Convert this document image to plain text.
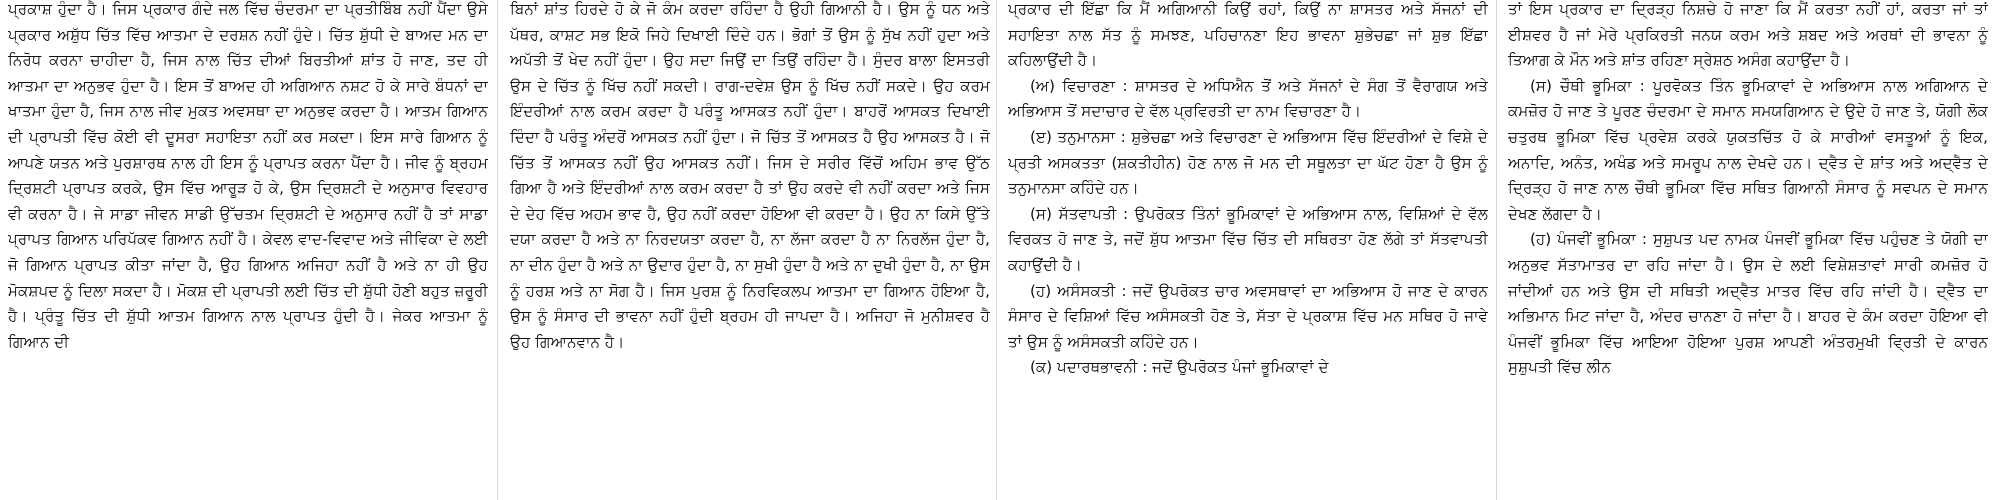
ਪ੍ਰਕਾਸ਼ ਹੁੰਦਾ ਹੈ। ਜਿਸ ਪ੍ਰਕਾਰ ਗੰਦੇ ਜਲ ਵਿੱਚ ਚੰਦਰਮਾ ਦਾ ਪ੍ਰਤੀਬਿੰਬ ਨਹੀਂ ਪੈਂਦਾ ਉਸੇ ਪ੍ਰਕਾਰ ਅਸ਼ੁੱਧ ਚਿੱਤ ਵਿੱਚ ਆਤਮਾ ਦੇ ਦਰਸ਼ਨ ਨਹੀਂ ਹੁੰਦੇ। ਚਿੱਤ ਸ਼ੁੱਧੀ ਦੇ ਬਾਅਦ ਮਨ ਦਾ ਨਿਰੋਧ ਕਰਨਾ ਚਾਹੀਦਾ ਹੈ, ਜਿਸ ਨਾਲ ਚਿੱਤ ਦੀਆਂ ਬਿਰਤੀਆਂ ਸ਼ਾਂਤ ਹੋ ਜਾਣ, ਤਦ ਹੀ ਆਤਮਾ ਦਾ ਅਨੁਭਵ ਹੁੰਦਾ ਹੈ। ਇਸ ਤੋਂ ਬਾਅਦ ਹੀ ਅਗਿਆਨ ਨਸ਼ਟ ਹੋ ਕੇ ਸਾਰੇ ਬੰਧਨਾਂ ਦਾ ਖਾਤਮਾ ਹੁੰਦਾ ਹੈ, ਜਿਸ ਨਾਲ ਜੀਵ ਮੁਕਤ ਅਵਸਥਾ ਦਾ ਅਨੁਭਵ ਕਰਦਾ ਹੈ। ਆਤਮ ਗਿਆਨ ਦੀ ਪ੍ਰਾਪਤੀ ਵਿੱਚ ਕੋਈ ਵੀ ਦੂਸਰਾ ਸਹਾਇਤਾ ਨਹੀਂ ਕਰ ਸਕਦਾ। ਇਸ ਸਾਰੇ ਗਿਆਨ ਨੂੰ ਆਪਣੇ ਯਤਨ ਅਤੇ ਪੁਰਸ਼ਾਰਥ ਨਾਲ ਹੀ ਇਸ ਨੂੰ ਪ੍ਰਾਪਤ ਕਰਨਾ ਪੈਂਦਾ ਹੈ। ਜੀਵ ਨੂੰ ਬ੍ਰਹਮ ਦ੍ਰਿਸ਼ਟੀ ਪ੍ਰਾਪਤ ਕਰਕੇ, ਉਸ ਵਿੱਚ ਆਰੂੜ ਹੋ ਕੇ, ਉਸ ਦ੍ਰਿਸ਼ਟੀ ਦੇ ਅਨੁਸਾਰ ਵਿਵਹਾਰ ਵੀ ਕਰਨਾ ਹੈ। ਜੇ ਸਾਡਾ ਜੀਵਨ ਸਾਡੀ ਉੱਚਤਮ ਦ੍ਰਿਸ਼ਟੀ ਦੇ ਅਨੁਸਾਰ ਨਹੀਂ ਹੈ ਤਾਂ ਸਾਡਾ ਪ੍ਰਾਪਤ ਗਿਆਨ ਪਰਿਪੱਕਵ ਗਿਆਨ ਨਹੀਂ ਹੈ। ਕੇਵਲ ਵਾਦ-ਵਿਵਾਦ ਅਤੇ ਜੀਵਿਕਾ ਦੇ ਲਈ ਜੋ ਗਿਆਨ ਪ੍ਰਾਪਤ ਕੀਤਾ ਜਾਂਦਾ ਹੈ, ਉਹ ਗਿਆਨ ਅਜਿਹਾ ਨਹੀਂ ਹੈ ਅਤੇ ਨਾ ਹੀ ਉਹ ਮੋਕਸ਼ਪਦ ਨੂੰ ਦਿਲਾ ਸਕਦਾ ਹੈ। ਮੋਕਸ਼ ਦੀ ਪ੍ਰਾਪਤੀ ਲਈ ਚਿੱਤ ਦੀ ਸ਼ੁੱਧੀ ਹੋਣੀ ਬਹੁਤ ਜ਼ਰੂਰੀ ਹੈ। ਪ੍ਰੰਤੂ ਚਿੱਤ ਦੀ ਸ਼ੁੱਧੀ ਆਤਮ ਗਿਆਨ ਨਾਲ ਪ੍ਰਾਪਤ ਹੁੰਦੀ ਹੈ। ਜੇਕਰ ਆਤਮਾ ਨੂੰ ਗਿਆਨ ਦੀ

ਬਿਨਾਂ ਸ਼ਾਂਤ ਹਿਰਦੇ ਹੋ ਕੇ ਜੋ ਕੰਮ ਕਰਦਾ ਰਹਿੰਦਾ ਹੈ ਉਹੀ ਗਿਆਨੀ ਹੈ। ਉਸ ਨੂੰ ਧਨ ਅਤੇ ਪੱਥਰ, ਕਾਸ਼ਟ ਸਭ ਇਕੋ ਜਿਹੇ ਦਿਖਾਈ ਦਿੰਦੇ ਹਨ। ਭੋਗਾਂ ਤੋਂ ਉਸ ਨੂੰ ਸੁੱਖ ਨਹੀਂ ਹੁਦਾ ਅਤੇ ਅਪੱਤੀ ਤੋਂ ਖੇਦ ਨਹੀਂ ਹੁੰਦਾ। ਉਹ ਸਦਾ ਜਿਉਂ ਦਾ ਤਿਉਂ ਰਹਿੰਦਾ ਹੈ। ਸੁੰਦਰ ਬਾਲਾ ਇਸਤਰੀ ਉਸ ਦੇ ਚਿੱਤ ਨੂੰ ਖਿੱਚ ਨਹੀਂ ਸਕਦੀ। ਰਾਗ-ਦਵੇਸ਼ ਉਸ ਨੂੰ ਖਿੱਚ ਨਹੀਂ ਸਕਦੇ। ਉਹ ਕਰਮ ਇੰਦਰੀਆਂ ਨਾਲ ਕਰਮ ਕਰਦਾ ਹੈ ਪਰੰਤੂ ਆਸਕਤ ਨਹੀਂ ਹੁੰਦਾ। ਬਾਹਰੋਂ ਆਸਕਤ ਦਿਖਾਈ ਦਿੰਦਾ ਹੈ ਪਰੰਤੂ ਅੰਦਰੋਂ ਆਸਕਤ ਨਹੀਂ ਹੁੰਦਾ। ਜੋ ਚਿੱਤ ਤੋਂ ਆਸਕਤ ਹੈ ਉਹ ਆਸਕਤ ਹੈ। ਜੋ ਚਿੱਤ ਤੋਂ ਆਸਕਤ ਨਹੀਂ ਉਹ ਆਸਕਤ ਨਹੀਂ। ਜਿਸ ਦੇ ਸਰੀਰ ਵਿੱਚੋਂ ਅਹਿਮ ਭਾਵ ਉੱਠ ਗਿਆ ਹੈ ਅਤੇ ਇੰਦਰੀਆਂ ਨਾਲ ਕਰਮ ਕਰਦਾ ਹੈ ਤਾਂ ਉਹ ਕਰਦੇ ਵੀ ਨਹੀਂ ਕਰਦਾ ਅਤੇ ਜਿਸ ਦੇ ਦੇਹ ਵਿੱਚ ਅਹਮ ਭਾਵ ਹੈ, ਉਹ ਨਹੀਂ ਕਰਦਾ ਹੋਇਆ ਵੀ ਕਰਦਾ ਹੈ। ਉਹ ਨਾ ਕਿਸੇ ਉੱਤੇ ਦਯਾ ਕਰਦਾ ਹੈ ਅਤੇ ਨਾ ਨਿਰਦਯਤਾ ਕਰਦਾ ਹੈ, ਨਾ ਲੱਜਾ ਕਰਦਾ ਹੈ ਨਾ ਨਿਰਲੱਜ ਹੁੰਦਾ ਹੈ, ਨਾ ਦੀਨ ਹੁੰਦਾ ਹੈ ਅਤੇ ਨਾ ਉਦਾਰ ਹੁੰਦਾ ਹੈ, ਨਾ ਸੁਖੀ ਹੁੰਦਾ ਹੈ ਅਤੇ ਨਾ ਦੁਖੀ ਹੁੰਦਾ ਹੈ, ਨਾ ਉਸ ਨੂੰ ਹਰਸ਼ ਅਤੇ ਨਾ ਸੋਗ ਹੈ। ਜਿਸ ਪੁਰਸ਼ ਨੂੰ ਨਿਰਵਿਕਲਪ ਆਤਮਾ ਦਾ ਗਿਆਨ ਹੋਇਆ ਹੈ, ਉਸ ਨੂੰ ਸੰਸਾਰ ਦੀ ਭਾਵਨਾ ਨਹੀਂ ਹੁੰਦੀ ਬ੍ਰਹਮ ਹੀ ਜਾਪਦਾ ਹੈ। ਅਜਿਹਾ ਜੋ ਮੁਨੀਸ਼ਵਰ ਹੈ ਉਹ ਗਿਆਨਵਾਨ ਹੈ।

ਪ੍ਰਕਾਰ ਦੀ ਇੱਛਾ ਕਿ ਮੈਂ ਅਗਿਆਨੀ ਕਿਉਂ ਰਹਾਂ, ਕਿਉਂ ਨਾ ਸ਼ਾਸਤਰ ਅਤੇ ਸੱਜਨਾਂ ਦੀ ਸਹਾਇਤਾ ਨਾਲ ਸੱਤ ਨੂੰ ਸਮਝਣ, ਪਹਿਚਾਨਣਾ ਇਹ ਭਾਵਨਾ ਸ਼ੁਭੇਚਛਾ ਜਾਂ ਸ਼ੁਭ ਇੱਛਾ ਕਹਿਲਾਉਂਦੀ ਹੈ।

(ਅ) ਵਿਚਾਰਣਾ : ਸ਼ਾਸਤਰ ਦੇ ਅਧਿਐਨ ਤੋਂ ਅਤੇ ਸੱਜਨਾਂ ਦੇ ਸੰਗ ਤੋਂ ਵੈਰਾਗਯ ਅਤੇ ਅਭਿਆਸ ਤੋਂ ਸਦਾਚਾਰ ਦੇ ਵੱਲ ਪ੍ਰਵਿਰਤੀ ਦਾ ਨਾਮ ਵਿਚਾਰਣਾ ਹੈ।

(ੲ) ਤਨੁਮਾਨਸਾ : ਸ਼ੁਭੇਚਛਾ ਅਤੇ ਵਿਚਾਰਣਾ ਦੇ ਅਭਿਆਸ ਵਿੱਚ ਇੰਦਰੀਆਂ ਦੇ ਵਿਸ਼ੇ ਦੇ ਪ੍ਰਤੀ ਅਸਕਤਤਾ (ਸ਼ਕਤੀਹੀਨ) ਹੋਣ ਨਾਲ ਜੋ ਮਨ ਦੀ ਸਥੂਲਤਾ ਦਾ ਘੱਟ ਹੋਣਾ ਹੈ ਉਸ ਨੂੰ ਤਨੁਮਾਨਸਾ ਕਹਿੰਦੇ ਹਨ।

(ਸ) ਸੱਤਵਾਪਤੀ : ਉਪਰੋਕਤ ਤਿੰਨਾਂ ਭੂਮਿਕਾਵਾਂ ਦੇ ਅਭਿਆਸ ਨਾਲ, ਵਿਸ਼ਿਆਂ ਦੇ ਵੱਲ ਵਿਰਕਤ ਹੋ ਜਾਣ ਤੇ, ਜਦੋਂ ਸ਼ੁੱਧ ਆਤਮਾ ਵਿੱਚ ਚਿੱਤ ਦੀ ਸਥਿਰਤਾ ਹੋਣ ਲੱਗੇ ਤਾਂ ਸੱਤਵਾਪਤੀ ਕਹਾਉਂਦੀ ਹੈ।

(ਹ) ਅਸੰਸਕਤੀ : ਜਦੋਂ ਉਪਰੋਕਤ ਚਾਰ ਅਵਸਥਾਵਾਂ ਦਾ ਅਭਿਆਸ ਹੋ ਜਾਣ ਦੇ ਕਾਰਨ ਸੰਸਾਰ ਦੇ ਵਿਸ਼ਿਆਂ ਵਿੱਚ ਅਸੰਸਕਤੀ ਹੋਣ ਤੇ, ਸੱਤਾ ਦੇ ਪ੍ਰਕਾਸ਼ ਵਿੱਚ ਮਨ ਸਥਿਰ ਹੋ ਜਾਵੇ ਤਾਂ ਉਸ ਨੂੰ ਅਸੰਸਕਤੀ ਕਹਿੰਦੇ ਹਨ।

(ਕ) ਪਦਾਰਥਭਾਵਨੀ : ਜਦੋਂ ਉਪਰੋਕਤ ਪੰਜਾਂ ਭੂਮਿਕਾਵਾਂ ਦੇ

ਤਾਂ ਇਸ ਪ੍ਰਕਾਰ ਦਾ ਦ੍ਰਿੜ੍ਹ ਨਿਸ਼ਚੇ ਹੋ ਜਾਣਾ ਕਿ ਮੈਂ ਕਰਤਾ ਨਹੀਂ ਹਾਂ, ਕਰਤਾ ਜਾਂ ਤਾਂ ਈਸ਼ਵਰ ਹੈ ਜਾਂ ਮੇਰੇ ਪ੍ਰਕਿਰਤੀ ਜਨਯ ਕਰਮ ਅਤੇ ਸ਼ਬਦ ਅਤੇ ਅਰਥਾਂ ਦੀ ਭਾਵਨਾ ਨੂੰ ਤਿਆਗ ਕੇ ਮੌਨ ਅਤੇ ਸ਼ਾਂਤ ਰਹਿਣਾ ਸ੍ਰੇਸ਼ਠ ਅਸੰਗ ਕਹਾਉਂਦਾ ਹੈ।

(ਸ) ਚੌਥੀ ਭੂਮਿਕਾ : ਪੂਰਵੋਕਤ ਤਿੰਨ ਭੂਮਿਕਾਵਾਂ ਦੇ ਅਭਿਆਸ ਨਾਲ ਅਗਿਆਨ ਦੇ ਕਮਜ਼ੋਰ ਹੋ ਜਾਣ ਤੇ ਪੂਰਣ ਚੰਦਰਮਾ ਦੇ ਸਮਾਨ ਸਮਯਗਿਆਨ ਦੇ ਉਦੇ ਹੋ ਜਾਣ ਤੇ, ਯੋਗੀ ਲੋਕ ਚਤੁਰਥ ਭੂਮਿਕਾ ਵਿੱਚ ਪ੍ਰਵੇਸ਼ ਕਰਕੇ ਯੁਕਤਚਿੱਤ ਹੋ ਕੇ ਸਾਰੀਆਂ ਵਸਤੂਆਂ ਨੂੰ ਇਕ, ਅਨਾਦਿ, ਅਨੰਤ, ਅਖੰਡ ਅਤੇ ਸਮਰੂਪ ਨਾਲ ਦੇਖਦੇ ਹਨ। ਦ੍ਵੈਤ ਦੇ ਸ਼ਾਂਤ ਅਤੇ ਅਦ੍ਵੈਤ ਦੇ ਦ੍ਰਿੜ੍ਹ ਹੋ ਜਾਣ ਨਾਲ ਚੌਥੀ ਭੂਮਿਕਾ ਵਿੱਚ ਸਥਿਤ ਗਿਆਨੀ ਸੰਸਾਰ ਨੂੰ ਸਵਪਨ ਦੇ ਸਮਾਨ ਦੇਖਣ ਲੱਗਦਾ ਹੈ।

(ਹ) ਪੰਜਵੀਂ ਭੂਮਿਕਾ : ਸੁਸ਼ੁਪਤ ਪਦ ਨਾਮਕ ਪੰਜਵੀਂ ਭੂਮਿਕਾ ਵਿੱਚ ਪਹੁੰਚਣ ਤੇ ਯੋਗੀ ਦਾ ਅਨੁਭਵ ਸੱਤਾਮਾਤਰ ਦਾ ਰਹਿ ਜਾਂਦਾ ਹੈ। ਉਸ ਦੇ ਲਈ ਵਿਸ਼ੇਸ਼ਤਾਵਾਂ ਸਾਰੀ ਕਮਜ਼ੋਰ ਹੋ ਜਾਂਦੀਆਂ ਹਨ ਅਤੇ ਉਸ ਦੀ ਸਥਿਤੀ ਅਦ੍ਵੈਤ ਮਾਤਰ ਵਿੱਚ ਰਹਿ ਜਾਂਦੀ ਹੈ। ਦ੍ਵੈਤ ਦਾ ਅਭਿਮਾਨ ਮਿਟ ਜਾਂਦਾ ਹੈ, ਅੰਦਰ ਚਾਨਣਾ ਹੋ ਜਾਂਦਾ ਹੈ। ਬਾਹਰ ਦੇ ਕੰਮ ਕਰਦਾ ਹੋਇਆ ਵੀ ਪੰਜਵੀਂ ਭੂਮਿਕਾ ਵਿੱਚ ਆਇਆ ਹੋਇਆ ਪੁਰਸ਼ ਆਪਣੀ ਅੰਤਰਮੁਖੀ ਵ੍ਰਿਤੀ ਦੇ ਕਾਰਨ ਸੁਸ਼ੁਪਤੀ ਵਿੱਚ ਲੀਨ
